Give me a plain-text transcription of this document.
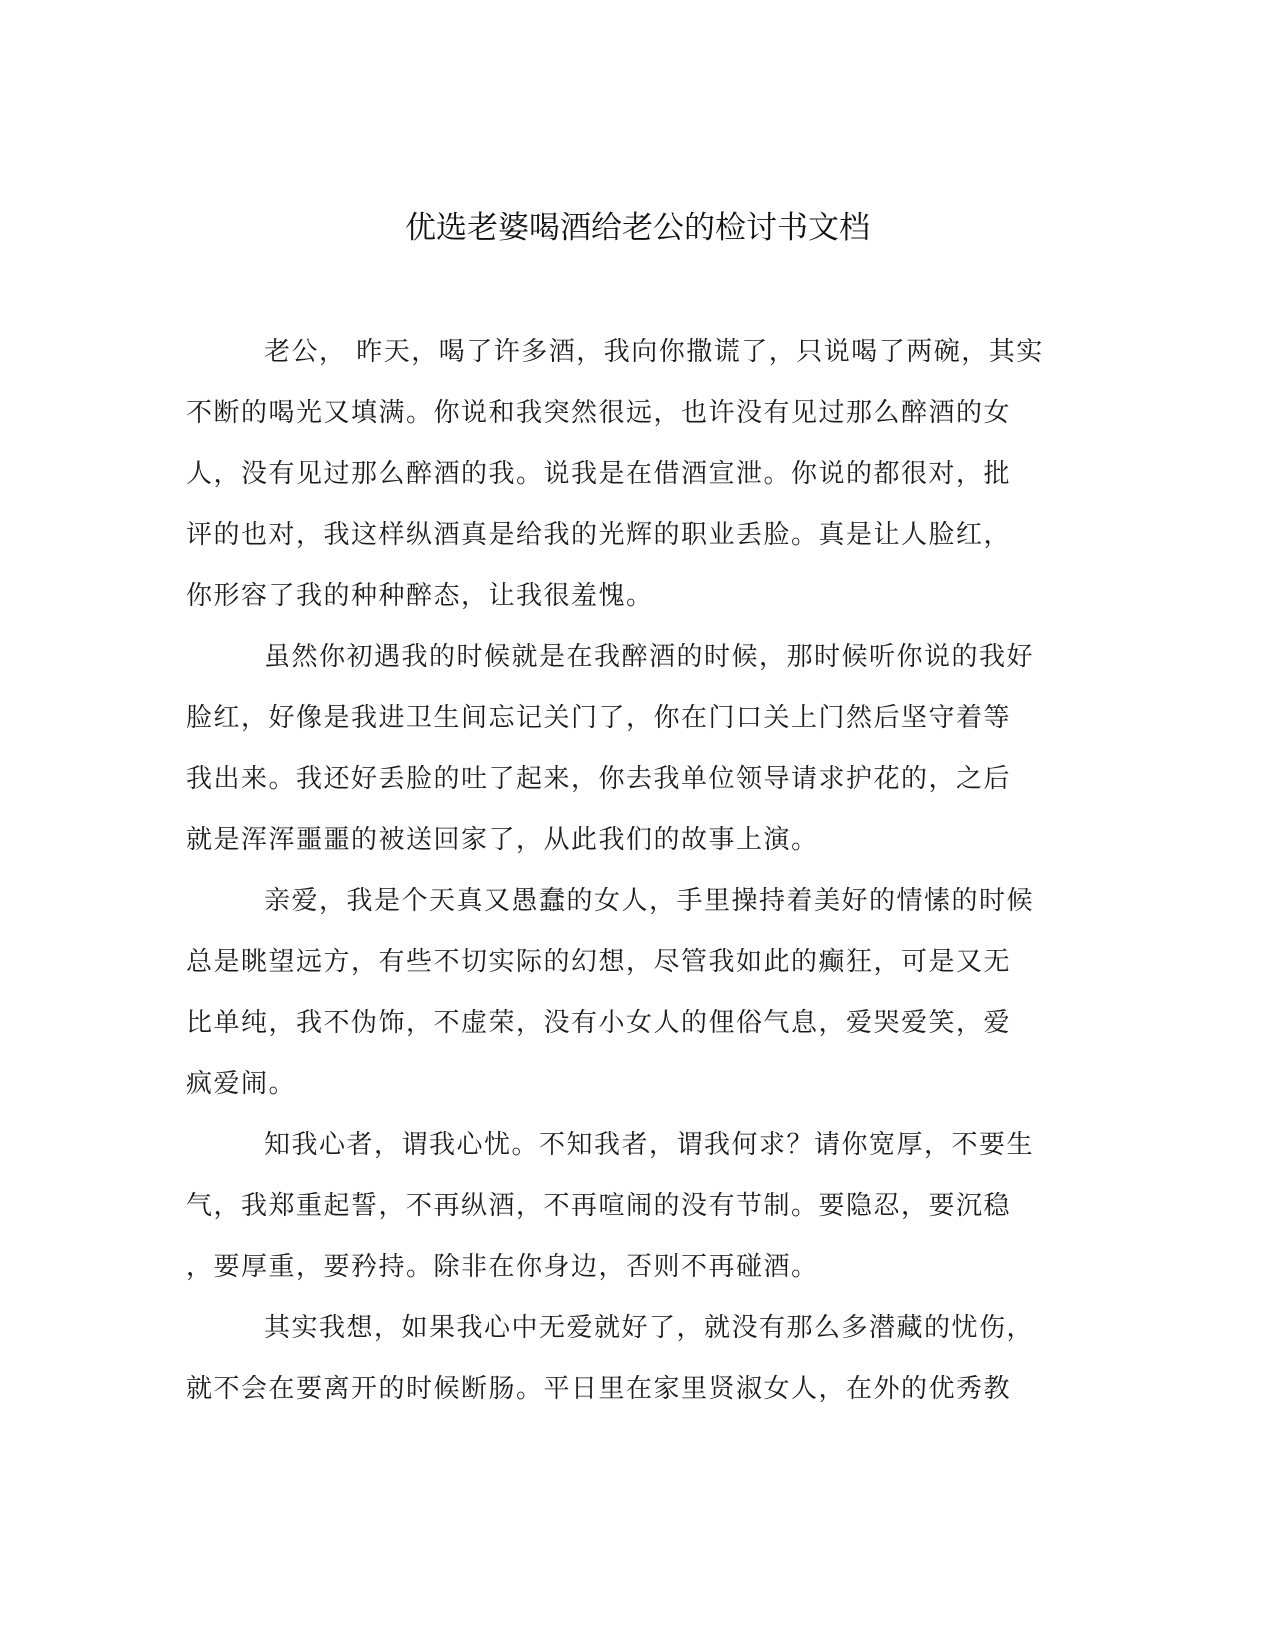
优选老婆喝酒给老公的检讨书文档
老公， 昨天，喝了许多酒，我向你撒谎了，只说喝了两碗，其实
不断的喝光又填满。你说和我突然很远，也许没有见过那么醉酒的女
人，没有见过那么醉酒的我。说我是在借酒宣泄。你说的都很对，批
评的也对，我这样纵酒真是给我的光辉的职业丢脸。真是让人脸红，
你形容了我的种种醉态，让我很羞愧。
虽然你初遇我的时候就是在我醉酒的时候，那时候听你说的我好
脸红，好像是我进卫生间忘记关门了，你在门口关上门然后坚守着等
我出来。我还好丢脸的吐了起来，你去我单位领导请求护花的，之后
就是浑浑噩噩的被送回家了，从此我们的故事上演。
亲爱，我是个天真又愚蠢的女人，手里操持着美好的情愫的时候
总是眺望远方，有些不切实际的幻想，尽管我如此的癫狂，可是又无
比单纯，我不伪饰，不虚荣，没有小女人的俚俗气息，爱哭爱笑，爱
疯爱闹。
知我心者，谓我心忧。不知我者，谓我何求？请你宽厚，不要生
气，我郑重起誓，不再纵酒，不再喧闹的没有节制。要隐忍，要沉稳
，要厚重，要矜持。除非在你身边，否则不再碰酒。
其实我想，如果我心中无爱就好了，就没有那么多潜藏的忧伤，
就不会在要离开的时候断肠。平日里在家里贤淑女人，在外的优秀教
